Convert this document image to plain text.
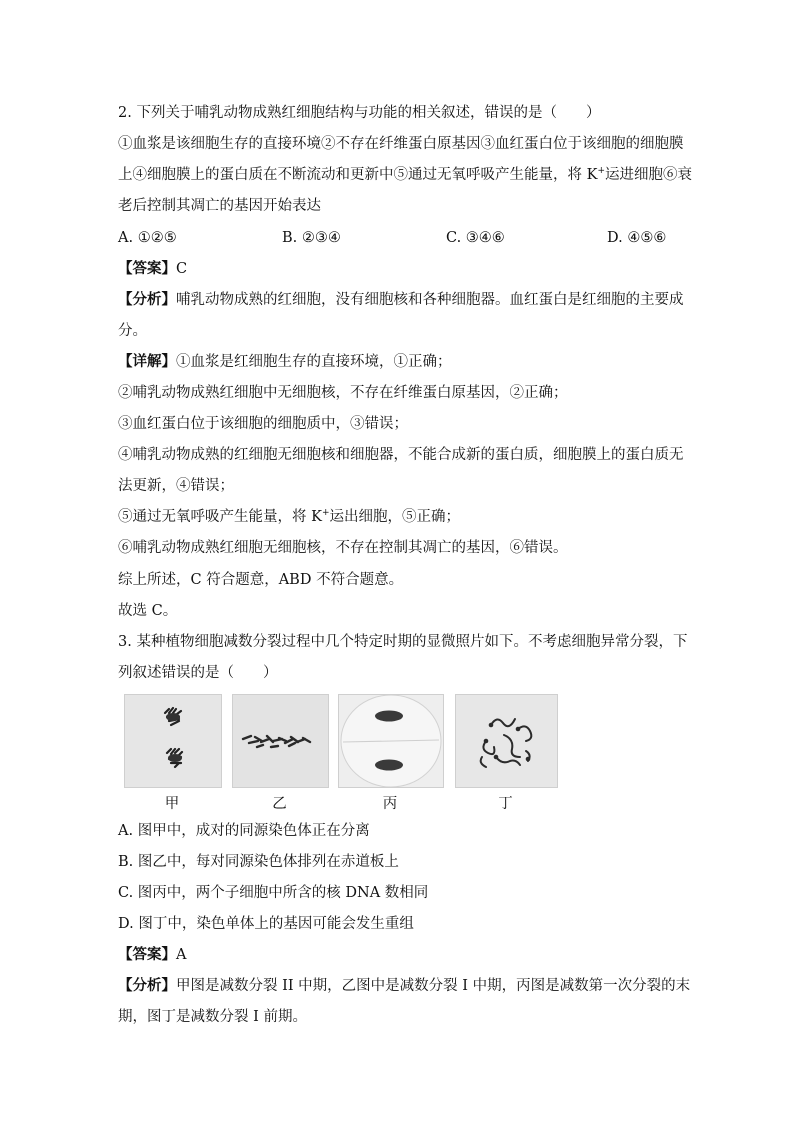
2. 下列关于哺乳动物成熟红细胞结构与功能的相关叙述，错误的是（　　）
①血浆是该细胞生存的直接环境②不存在纤维蛋白原基因③血红蛋白位于该细胞的细胞膜
上④细胞膜上的蛋白质在不断流动和更新中⑤通过无氧呼吸产生能量，将 K+运进细胞⑥衰
老后控制其凋亡的基因开始表达
A. ①②⑤	B. ②③④	C. ③④⑥	D. ④⑤⑥
【答案】C
【分析】哺乳动物成熟的红细胞，没有细胞核和各种细胞器。血红蛋白是红细胞的主要成
分。
【详解】①血浆是红细胞生存的直接环境，①正确；
②哺乳动物成熟红细胞中无细胞核，不存在纤维蛋白原基因，②正确；
③血红蛋白位于该细胞的细胞质中，③错误；
④哺乳动物成熟的红细胞无细胞核和细胞器，不能合成新的蛋白质，细胞膜上的蛋白质无
法更新，④错误；
⑤通过无氧呼吸产生能量，将 K+运出细胞，⑤正确；
⑥哺乳动物成熟红细胞无细胞核，不存在控制其凋亡的基因，⑥错误。
综上所述，C 符合题意，ABD 不符合题意。
故选 C。
3. 某种植物细胞减数分裂过程中几个特定时期的显微照片如下。不考虑细胞异常分裂，下
列叙述错误的是（　　）
甲	乙	丙	丁
A. 图甲中，成对的同源染色体正在分离
B. 图乙中，每对同源染色体排列在赤道板上
C. 图丙中，两个子细胞中所含的核 DNA 数相同
D. 图丁中，染色单体上的基因可能会发生重组
【答案】A
【分析】甲图是减数分裂 II 中期，乙图中是减数分裂 I 中期，丙图是减数第一次分裂的末
期，图丁是减数分裂 I 前期。
